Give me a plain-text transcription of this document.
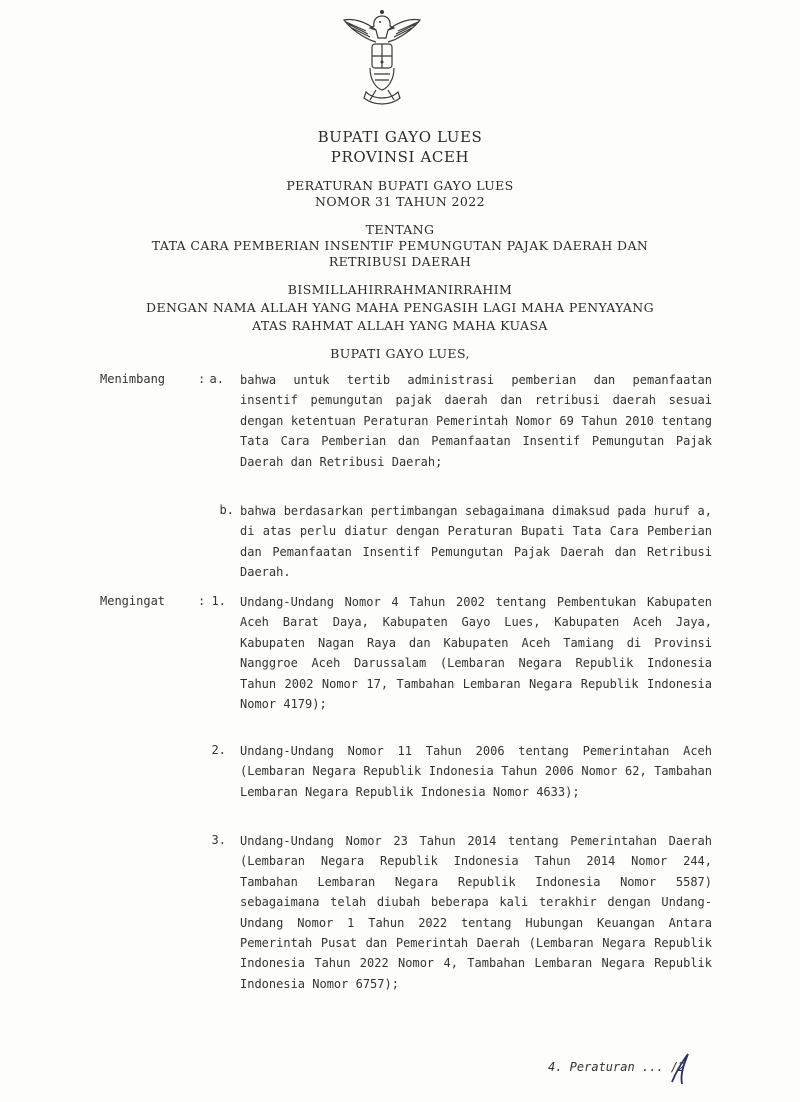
BUPATI GAYO LUES
PROVINSI ACEH
PERATURAN BUPATI GAYO LUES
NOMOR 31 TAHUN 2022
TENTANG
TATA CARA PEMBERIAN INSENTIF PEMUNGUTAN PAJAK DAERAH DAN
RETRIBUSI DAERAH
BISMILLAHIRRAHMANIRRAHIM
DENGAN NAMA ALLAH YANG MAHA PENGASIH LAGI MAHA PENYAYANG
ATAS RAHMAT ALLAH YANG MAHA KUASA
BUPATI GAYO LUES,
Menimbang	: a. bahwa untuk tertib administrasi pemberian dan pemanfaatan insentif pemungutan pajak daerah dan retribusi daerah sesuai dengan ketentuan Peraturan Pemerintah Nomor 69 Tahun 2010 tentang Tata Cara Pemberian dan Pemanfaatan Insentif Pemungutan Pajak Daerah dan Retribusi Daerah;
b. bahwa berdasarkan pertimbangan sebagaimana dimaksud pada huruf a, di atas perlu diatur dengan Peraturan Bupati Tata Cara Pemberian dan Pemanfaatan Insentif Pemungutan Pajak Daerah dan Retribusi Daerah.
Mengingat	: 1. Undang-Undang Nomor 4 Tahun 2002 tentang Pembentukan Kabupaten Aceh Barat Daya, Kabupaten Gayo Lues, Kabupaten Aceh Jaya, Kabupaten Nagan Raya dan Kabupaten Aceh Tamiang di Provinsi Nanggroe Aceh Darussalam (Lembaran Negara Republik Indonesia Tahun 2002 Nomor 17, Tambahan Lembaran Negara Republik Indonesia Nomor 4179);
2. Undang-Undang Nomor 11 Tahun 2006 tentang Pemerintahan Aceh (Lembaran Negara Republik Indonesia Tahun 2006 Nomor 62, Tambahan Lembaran Negara Republik Indonesia Nomor 4633);
3. Undang-Undang Nomor 23 Tahun 2014 tentang Pemerintahan Daerah (Lembaran Negara Republik Indonesia Tahun 2014 Nomor 244, Tambahan Lembaran Negara Republik Indonesia Nomor 5587) sebagaimana telah diubah beberapa kali terakhir dengan Undang-Undang Nomor 1 Tahun 2022 tentang Hubungan Keuangan Antara Pemerintah Pusat dan Pemerintah Daerah (Lembaran Negara Republik Indonesia Tahun 2022 Nomor 4, Tambahan Lembaran Negara Republik Indonesia Nomor 6757);
4. Peraturan ... /2
